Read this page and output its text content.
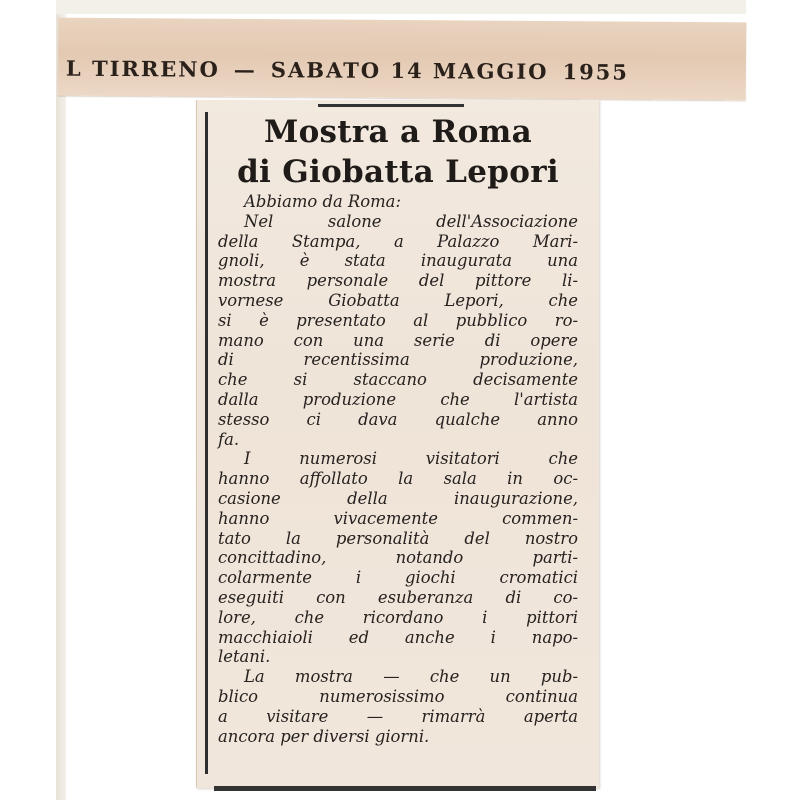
L TIRRENO — SABATO 14 MAGGIO 1955
Mostra a Roma
di Giobatta Lepori
Abbiamo da Roma:
Nel salone dell'Associazione
della Stampa, a Palazzo Mari-
gnoli, è stata inaugurata una
mostra personale del pittore li-
vornese Giobatta Lepori, che
si è presentato al pubblico ro-
mano con una serie di opere
di recentissima produzione,
che si staccano decisamente
dalla produzione che l'artista
stesso ci dava qualche anno
fa.
I numerosi visitatori che
hanno affollato la sala in oc-
casione della inaugurazione,
hanno vivacemente commen-
tato la personalità del nostro
concittadino, notando parti-
colarmente i giochi cromatici
eseguiti con esuberanza di co-
lore, che ricordano i pittori
macchiaioli ed anche i napo-
letani.
La mostra — che un pub-
blico numerosissimo continua
a visitare — rimarrà aperta
ancora per diversi giorni.
